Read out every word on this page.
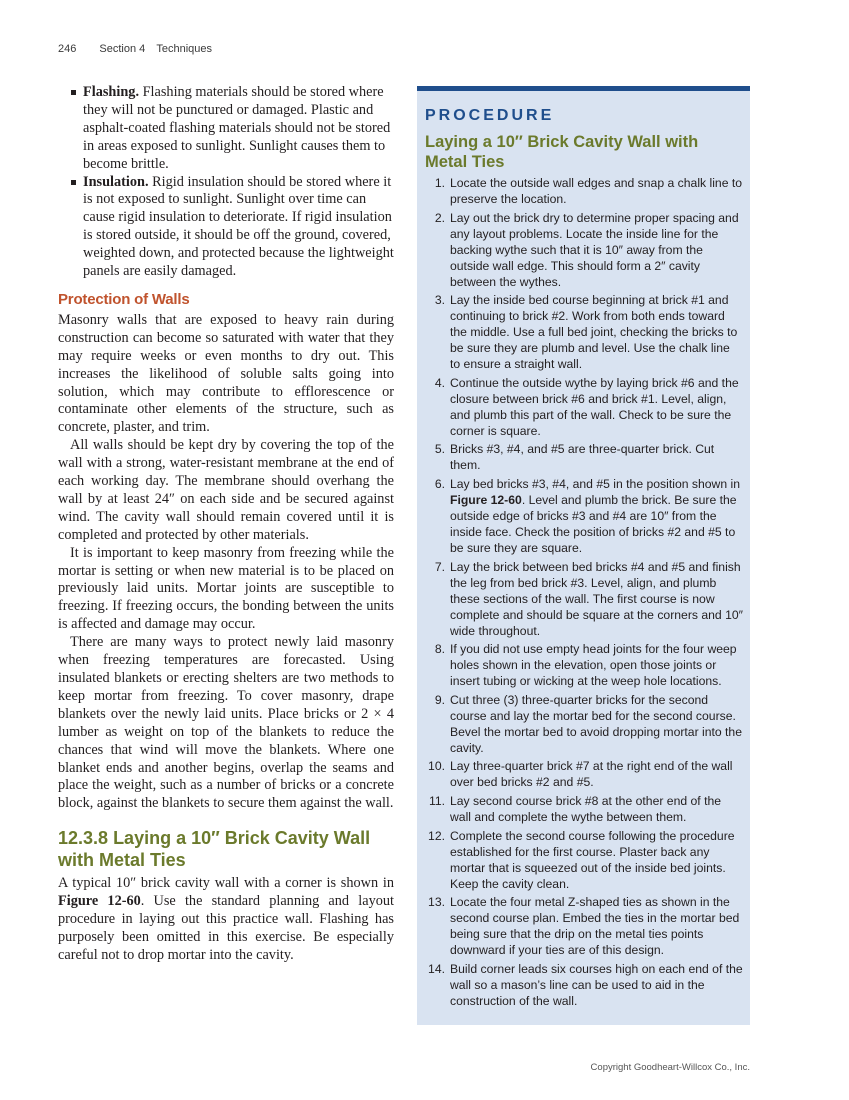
246 Section 4 Techniques
Flashing. Flashing materials should be stored where they will not be punctured or damaged. Plastic and asphalt-coated flashing materials should not be stored in areas exposed to sunlight. Sunlight causes them to become brittle.
Insulation. Rigid insulation should be stored where it is not exposed to sunlight. Sunlight over time can cause rigid insulation to deteriorate. If rigid insulation is stored outside, it should be off the ground, covered, weighted down, and protected because the lightweight panels are easily damaged.
Protection of Walls

Masonry walls that are exposed to heavy rain during construction can become so saturated with water that they may require weeks or even months to dry out. This increases the likelihood of soluble salts going into solution, which may contribute to efflorescence or contaminate other elements of the structure, such as concrete, plaster, and trim.

All walls should be kept dry by covering the top of the wall with a strong, water-resistant membrane at the end of each working day. The membrane should overhang the wall by at least 24″ on each side and be secured against wind. The cavity wall should remain covered until it is completed and protected by other materials.

It is important to keep masonry from freezing while the mortar is setting or when new material is to be placed on previously laid units. Mortar joints are susceptible to freezing. If freezing occurs, the bonding between the units is affected and damage may occur.

There are many ways to protect newly laid masonry when freezing temperatures are forecasted. Using insulated blankets or erecting shelters are two methods to keep mortar from freezing. To cover masonry, drape blankets over the newly laid units. Place bricks or 2 × 4 lumber as weight on top of the blankets to reduce the chances that wind will move the blankets. Where one blanket ends and another begins, overlap the seams and place the weight, such as a number of bricks or a concrete block, against the blankets to secure them against the wall.

12.3.8 Laying a 10″ Brick Cavity Wall with Metal Ties

A typical 10″ brick cavity wall with a corner is shown in Figure 12-60. Use the standard planning and layout procedure in laying out this practice wall. Flashing has purposely been omitted in this exercise. Be especially careful not to drop mortar into the cavity.

PROCEDURE
Laying a 10″ Brick Cavity Wall with Metal Ties
1. Locate the outside wall edges and snap a chalk line to preserve the location.
2. Lay out the brick dry to determine proper spacing and any layout problems. Locate the inside line for the backing wythe such that it is 10″ away from the outside wall edge. This should form a 2″ cavity between the wythes.
3. Lay the inside bed course beginning at brick #1 and continuing to brick #2. Work from both ends toward the middle. Use a full bed joint, checking the bricks to be sure they are plumb and level. Use the chalk line to ensure a straight wall.
4. Continue the outside wythe by laying brick #6 and the closure between brick #6 and brick #1. Level, align, and plumb this part of the wall. Check to be sure the corner is square.
5. Bricks #3, #4, and #5 are three-quarter brick. Cut them.
6. Lay bed bricks #3, #4, and #5 in the position shown in Figure 12-60. Level and plumb the brick. Be sure the outside edge of bricks #3 and #4 are 10″ from the inside face. Check the position of bricks #2 and #5 to be sure they are square.
7. Lay the brick between bed bricks #4 and #5 and finish the leg from bed brick #3. Level, align, and plumb these sections of the wall. The first course is now complete and should be square at the corners and 10″ wide throughout.
8. If you did not use empty head joints for the four weep holes shown in the elevation, open those joints or insert tubing or wicking at the weep hole locations.
9. Cut three (3) three-quarter bricks for the second course and lay the mortar bed for the second course. Bevel the mortar bed to avoid dropping mortar into the cavity.
10. Lay three-quarter brick #7 at the right end of the wall over bed bricks #2 and #5.
11. Lay second course brick #8 at the other end of the wall and complete the wythe between them.
12. Complete the second course following the procedure established for the first course. Plaster back any mortar that is squeezed out of the inside bed joints. Keep the cavity clean.
13. Locate the four metal Z-shaped ties as shown in the second course plan. Embed the ties in the mortar bed being sure that the drip on the metal ties points downward if your ties are of this design.
14. Build corner leads six courses high on each end of the wall so a mason’s line can be used to aid in the construction of the wall.
Copyright Goodheart-Willcox Co., Inc.
